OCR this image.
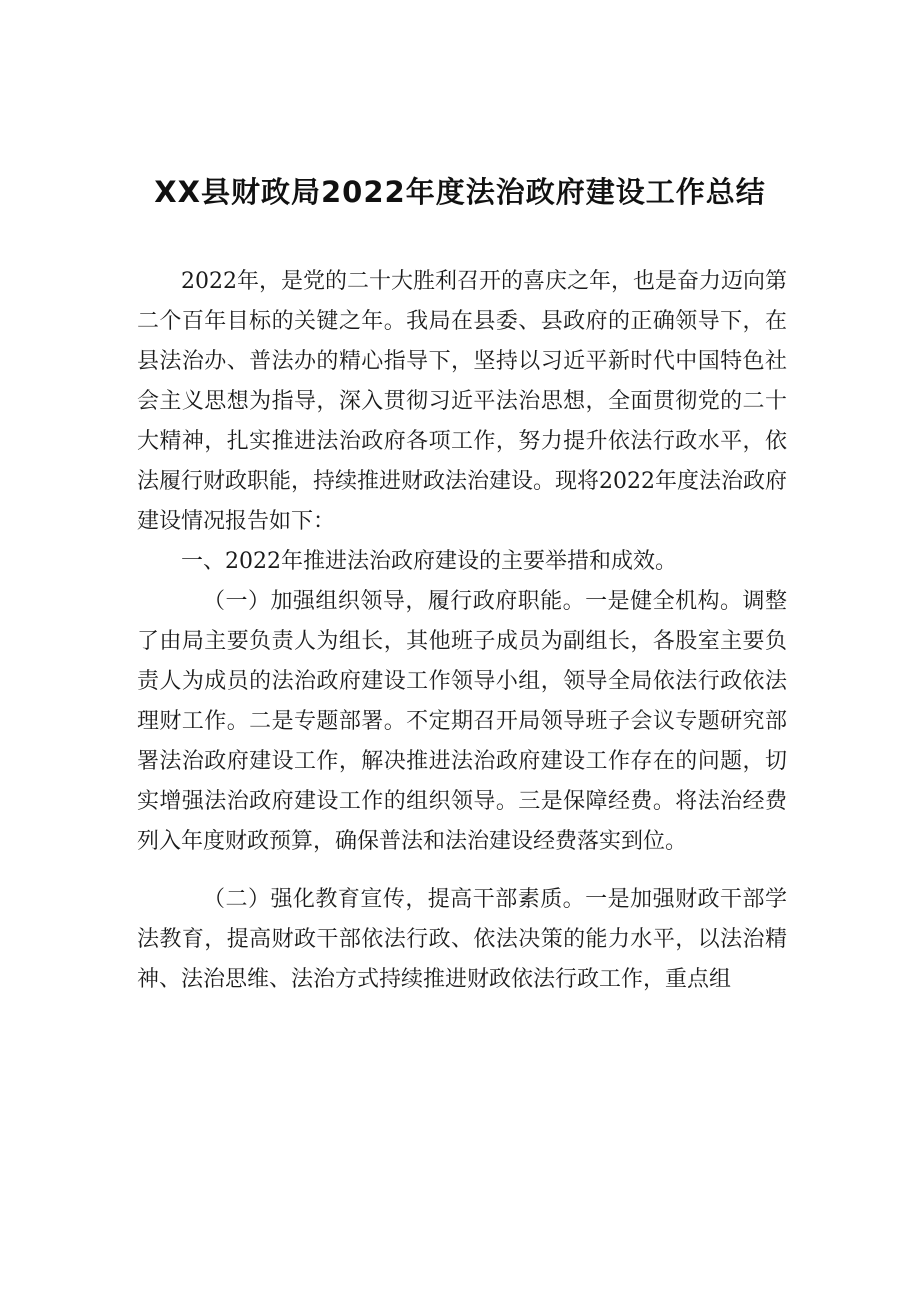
XX县财政局2022年度法治政府建设工作总结

2022年，是党的二十大胜利召开的喜庆之年，也是奋力迈向第二个百年目标的关键之年。我局在县委、县政府的正确领导下，在县法治办、普法办的精心指导下，坚持以习近平新时代中国特色社会主义思想为指导，深入贯彻习近平法治思想，全面贯彻党的二十大精神，扎实推进法治政府各项工作，努力提升依法行政水平，依法履行财政职能，持续推进财政法治建设。现将2022年度法治政府建设情况报告如下：

一、2022年推进法治政府建设的主要举措和成效。

（一）加强组织领导，履行政府职能。一是健全机构。调整了由局主要负责人为组长，其他班子成员为副组长，各股室主要负责人为成员的法治政府建设工作领导小组，领导全局依法行政依法理财工作。二是专题部署。不定期召开局领导班子会议专题研究部署法治政府建设工作，解决推进法治政府建设工作存在的问题，切实增强法治政府建设工作的组织领导。三是保障经费。将法治经费列入年度财政预算，确保普法和法治建设经费落实到位。

（二）强化教育宣传，提高干部素质。一是加强财政干部学法教育，提高财政干部依法行政、依法决策的能力水平，以法治精神、法治思维、法治方式持续推进财政依法行政工作，重点组
